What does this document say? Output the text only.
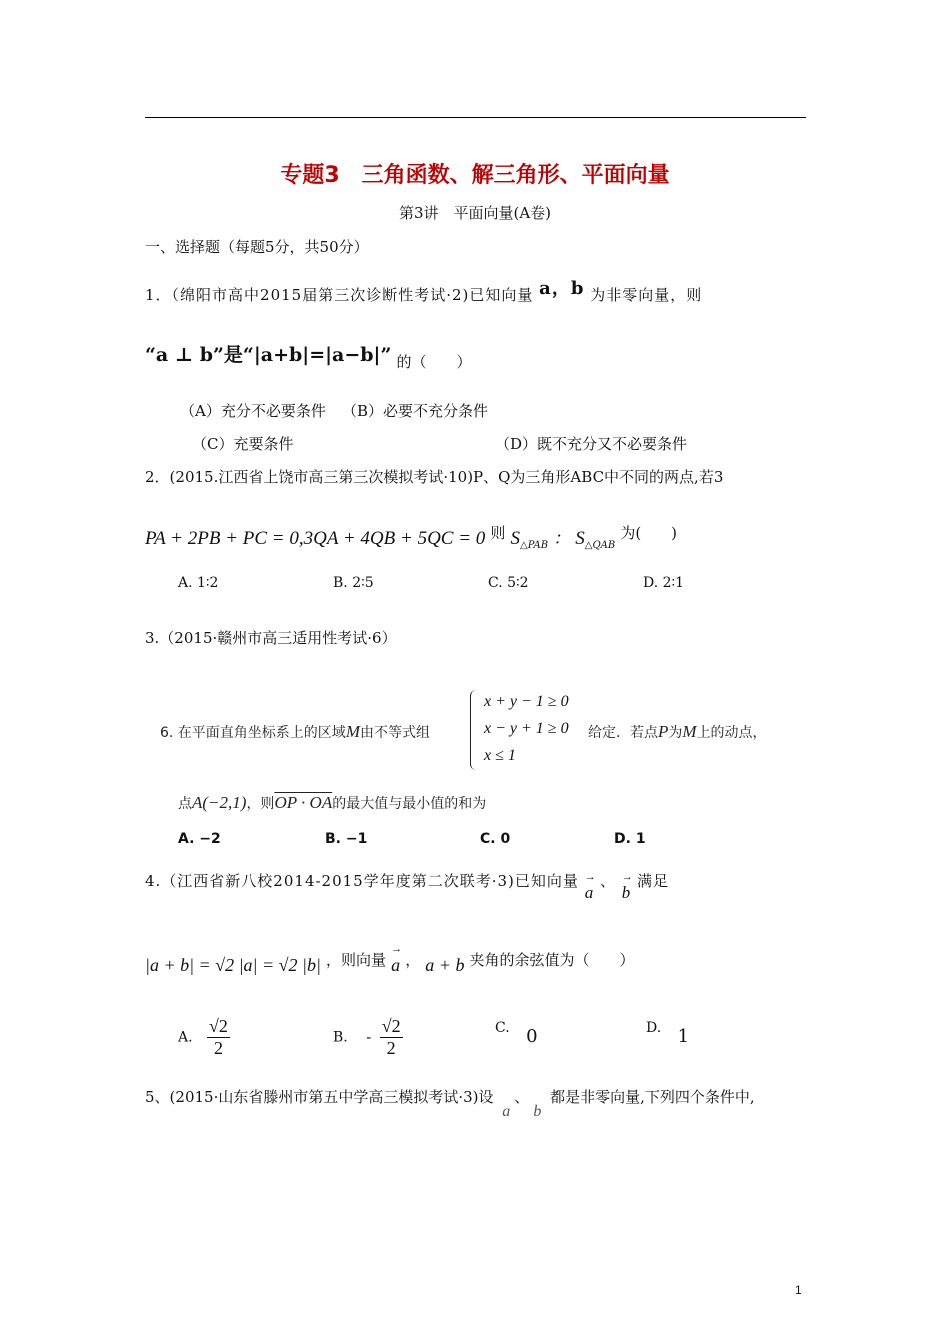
专题3　三角函数、解三角形、平面向量
第3讲　平面向量(A卷)
一、选择题（每题5分，共50分）
1．（绵阳市高中2015届第三次诊断性考试·2)已知向量 a，b 为非零向量，则
“a ⊥ b”是“|a+b|=|a−b|” 的（　　）
（A）充分不必要条件 （B）必要不充分条件
（C）充要条件	（D）既不充分又不必要条件
2．(2015.江西省上饶市高三第三次模拟考试·10)P、Q为三角形ABC中不同的两点,若3
PA + 2PB + PC = 0,3QA + 4QB + 5QC = 0 则 $S_{\triangle PAB}$ ： $S_{\triangle QAB}$ 为(　　)
A. 1∶2	B. 2∶5	C. 5∶2	D. 2∶1
3.（2015·赣州市高三适用性考试·6）
x + y − 1 ≥ 0
x − y + 1 ≥ 0
x ≤ 1
6. 在平面直角坐标系上的区域M由不等式组	给定．若点P为M上的动点，
点A(−2,1)，则OP · OA的最大值与最小值的和为
A. −2	B. −1	C. 0	D. 1
4.（江西省新八校2014-2015学年度第二次联考·3)已知向量 → a 、 → b 满足
|a + b| = √2 |a| = √2 |b| ，则向量 → a ， a + b 夹角的余弦值为（　　）
A. $\frac{√2}{2}$	B. - $\frac{√2}{2}$	C. 0	D. 1
5、(2015·山东省滕州市第五中学高三模拟考试·3)设 a、b 都是非零向量,下列四个条件中,
1
